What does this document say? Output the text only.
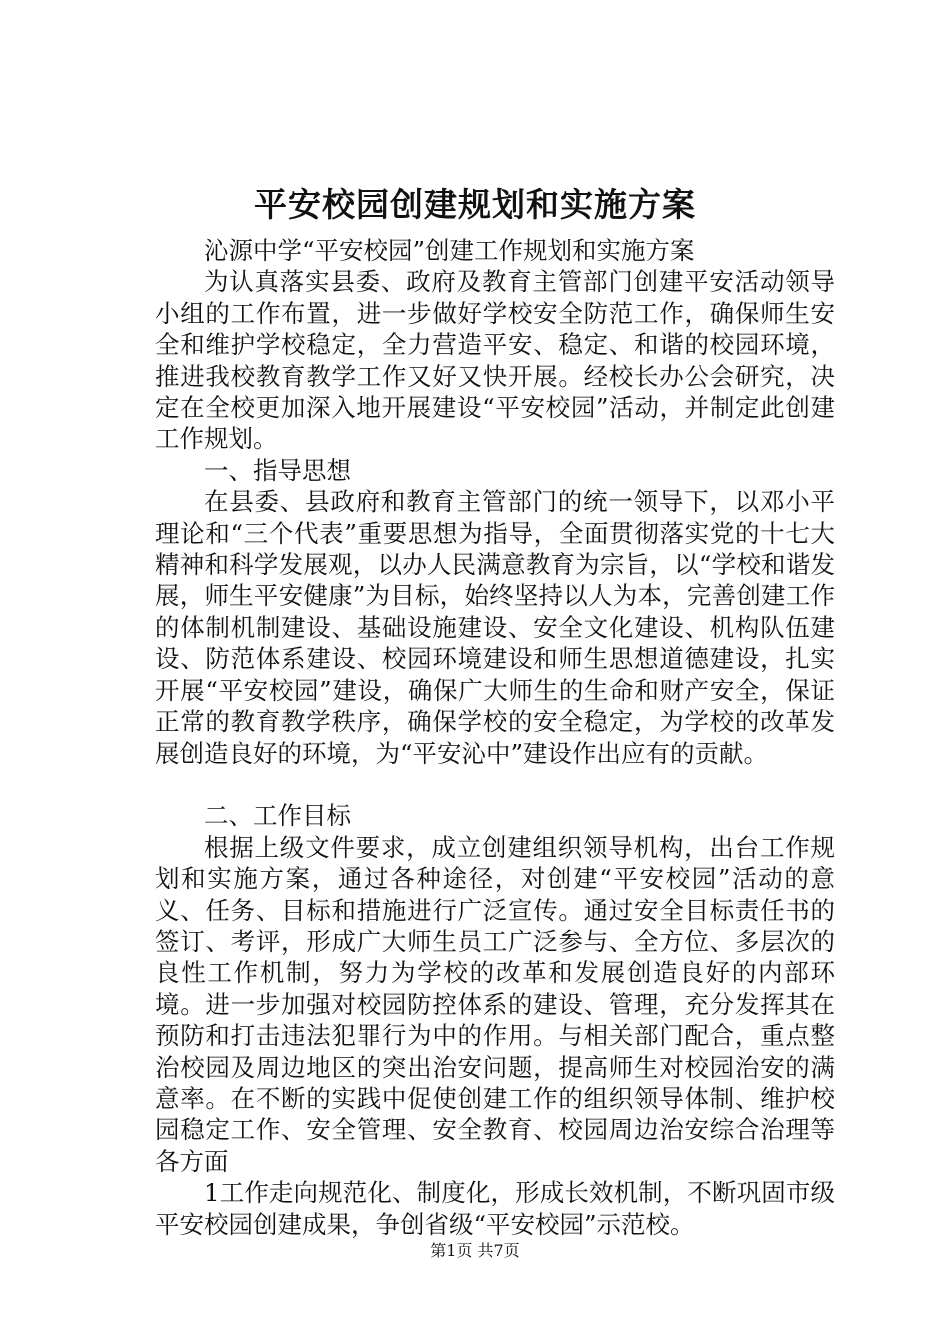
平安校园创建规划和实施方案

沁源中学“平安校园”创建工作规划和实施方案

为认真落实县委、政府及教育主管部门创建平安活动领导小组的工作布置，进一步做好学校安全防范工作，确保师生安全和维护学校稳定，全力营造平安、稳定、和谐的校园环境，推进我校教育教学工作又好又快开展。经校长办公会研究，决定在全校更加深入地开展建设“平安校园”活动，并制定此创建工作规划。

一、指导思想

在县委、县政府和教育主管部门的统一领导下，以邓小平理论和“三个代表”重要思想为指导，全面贯彻落实党的十七大精神和科学发展观，以办人民满意教育为宗旨，以“学校和谐发展，师生平安健康”为目标，始终坚持以人为本，完善创建工作的体制机制建设、基础设施建设、安全文化建设、机构队伍建设、防范体系建设、校园环境建设和师生思想道德建设，扎实开展“平安校园”建设，确保广大师生的生命和财产安全，保证正常的教育教学秩序，确保学校的安全稳定，为学校的改革发展创造良好的环境，为“平安沁中”建设作出应有的贡献。

二、工作目标

根据上级文件要求，成立创建组织领导机构，出台工作规划和实施方案，通过各种途径，对创建“平安校园”活动的意义、任务、目标和措施进行广泛宣传。通过安全目标责任书的签订、考评，形成广大师生员工广泛参与、全方位、多层次的良性工作机制，努力为学校的改革和发展创造良好的内部环境。进一步加强对校园防控体系的建设、管理，充分发挥其在预防和打击违法犯罪行为中的作用。与相关部门配合，重点整治校园及周边地区的突出治安问题，提高师生对校园治安的满意率。在不断的实践中促使创建工作的组织领导体制、维护校园稳定工作、安全管理、安全教育、校园周边治安综合治理等各方面

1工作走向规范化、制度化，形成长效机制，不断巩固市级平安校园创建成果，争创省级“平安校园”示范校。

第1页 共7页
